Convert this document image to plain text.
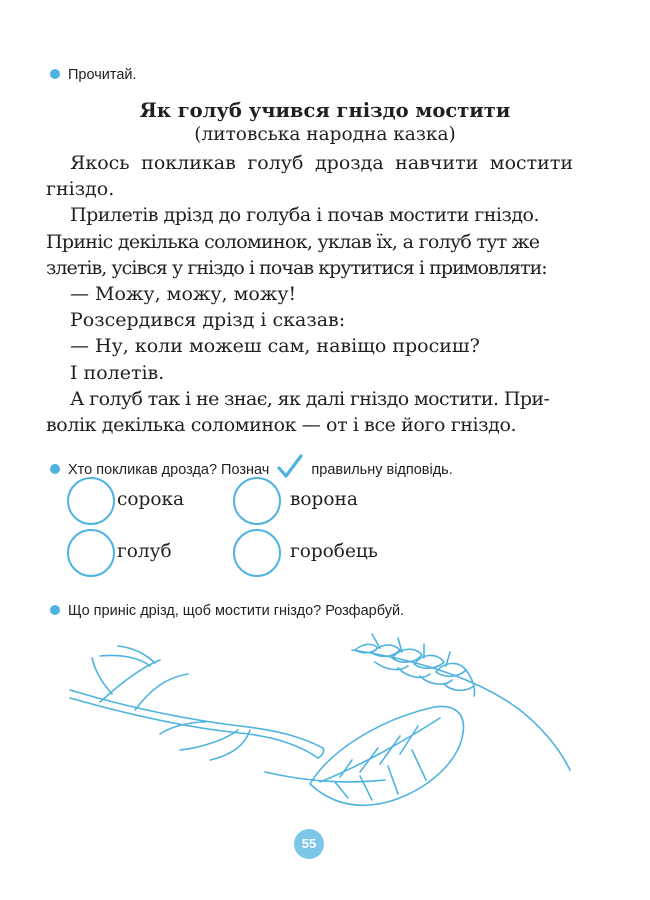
Прочитай.
Як голуб учився гніздо мостити
(литовська народна казка)

Якось покликав голуб дрозда навчити мостити

гніздо.

Прилетів дрізд до голуба і почав мостити гніздо.

Приніс декілька соломинок, уклав їх, а голуб тут же

злетів, усівся у гніздо і почав крутитися і примовляти:

— Можу, можу, можу!

Розсердився дрізд і сказав:

— Ну, коли можеш сам, навіщо просиш?

І полетів.

А голуб так і не знає, як далі гніздо мостити. При-

волік декілька соломинок — от і все його гніздо.

Хто покликав дрозда? Познач	правильну відповідь.
сорока	ворона
голуб	горобець
Що приніс дрізд, щоб мостити гніздо? Розфарбуй.
55
